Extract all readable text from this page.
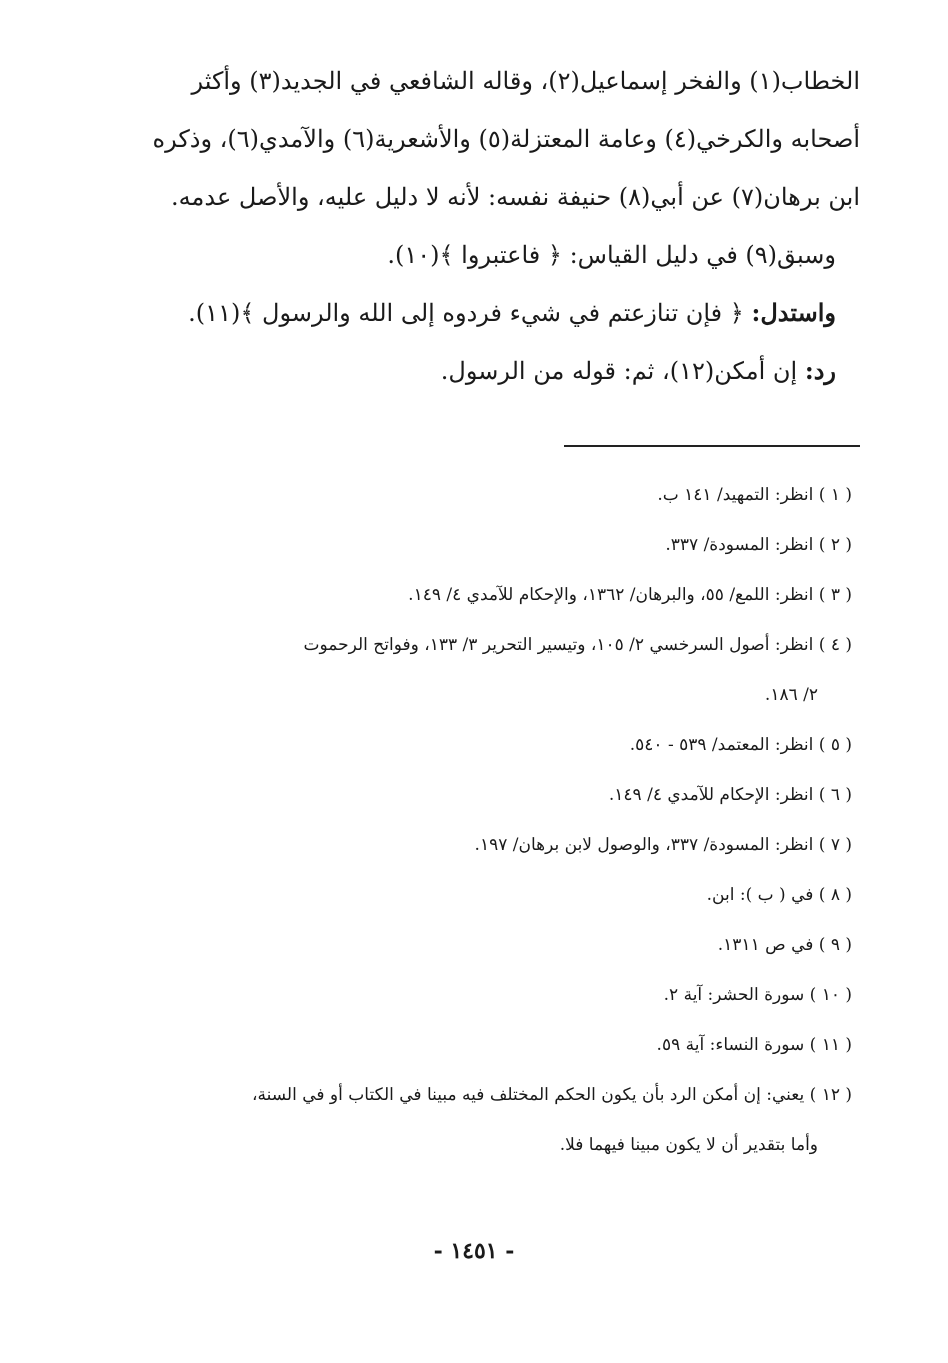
الخطاب(١) والفخر إسماعيل(٢)، وقاله الشافعي في الجديد(٣) وأكثر

أصحابه والكرخي(٤) وعامة المعتزلة(٥) والأشعرية(٦) والآمدي(٦)، وذكره

ابن برهان(٧) عن أبي(٨) حنيفة نفسه: لأنه لا دليل عليه، والأصل عدمه.

وسبق(٩) في دليل القياس: ﴿ فاعتبروا ﴾(١٠).

واستدل: ﴿ فإن تنازعتم في شيء فردوه إلى الله والرسول ﴾(١١).

رد: إن أمكن(١٢)، ثم: قوله من الرسول.

( ١ ) انظر: التمهيد/ ١٤١ ب.

( ٢ ) انظر: المسودة/ ٣٣٧.

( ٣ ) انظر: اللمع/ ٥٥، والبرهان/ ١٣٦٢، والإحكام للآمدي ٤/ ١٤٩.

( ٤ ) انظر: أصول السرخسي ٢/ ١٠٥، وتيسير التحرير ٣/ ١٣٣، وفواتح الرحموت

٢/ ١٨٦.

( ٥ ) انظر: المعتمد/ ٥٣٩ - ٥٤٠.

( ٦ ) انظر: الإحكام للآمدي ٤/ ١٤٩.

( ٧ ) انظر: المسودة/ ٣٣٧، والوصول لابن برهان/ ١٩٧.

( ٨ ) في ( ب ): ابن.

( ٩ ) في ص ١٣١١.

( ١٠ ) سورة الحشر: آية ٢.

( ١١ ) سورة النساء: آية ٥٩.

( ١٢ ) يعني: إن أمكن الرد بأن يكون الحكم المختلف فيه مبينا في الكتاب أو في السنة،

وأما بتقدير أن لا يكون مبينا فيهما فلا.

- ١٤٥١ -
